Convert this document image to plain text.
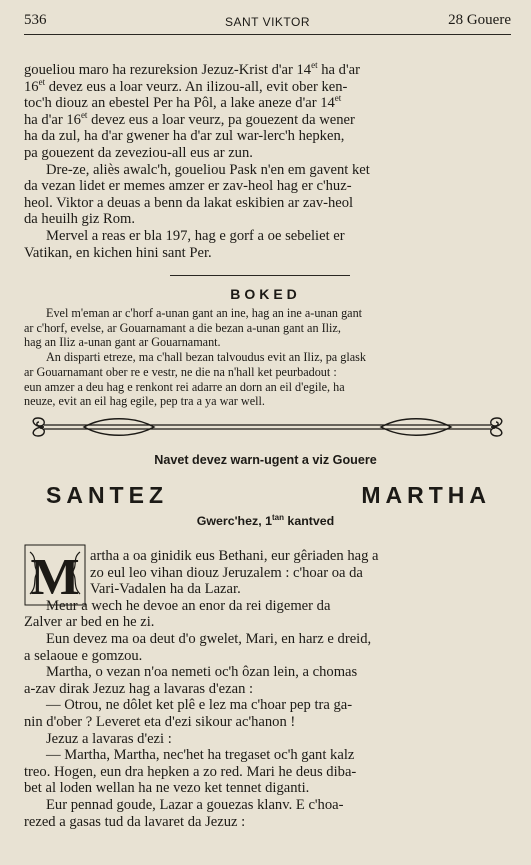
536	SANT VIKTOR	28 Gouere

goueliou maro ha rezureksion Jezuz-Krist d'ar $14^{et}$ ha d'ar
$16^{et}$ devez eus a loar veurz. An ilizou-all, evit ober ken-
toc'h diouz an ebestel Per ha Pôl, a lake aneze d'ar $14^{et}$
ha d'ar $16^{et}$ devez eus a loar veurz, pa gouezent da wener
ha da zul, ha d'ar gwener ha d'ar zul war-lerc'h hepken,
pa gouezent da zeveziou-all eus ar zun.

Dre-ze, aliès awalc'h, goueliou Pask n'en em gavent ket
da vezan lidet er memes amzer er zav-heol hag er c'huz-
heol. Viktor a deuas a benn da lakat eskibien ar zav-heol
da heuilh giz Rom.

Mervel a reas er bla 197, hag e gorf a oe sebeliet er
Vatikan, en kichen hini sant Per.

BOKED

Evel m'eman ar c'horf a-unan gant an ine, hag an ine a-unan gant
ar c'horf, evelse, ar Gouarnamant a die bezan a-unan gant an Iliz,
hag an Iliz a-unan gant ar Gouarnamant.

An disparti etreze, ma c'hall bezan talvoudus evit an Iliz, pa glask
ar Gouarnamant ober re e vestr, ne die na n'hall ket peurbadout :
eun amzer a deu hag e renkont rei adarre an dorn an eil d'egile, ha
neuze, evit an eil hag egile, pep tra a ya war well.

Navet devez warn-ugent a viz Gouere
SANTEZ	MARTHA
Gwerc'hez, $1^{tan}$ kantved
M artha a oa ginidik eus Bethani, eur gêriaden hag a
zo eul leo vihan diouz Jeruzalem : c'hoar oa da
Vari-Vadalen ha da Lazar.

Meur a wech he devoe an enor da rei digemer da
Zalver ar bed en he zi.
Eun devez ma oa deut d'o gwelet, Mari, en harz e dreid,
a selaoue e gomzou.
Martha, o vezan n'oa nemeti oc'h ôzan lein, a chomas
a-zav dirak Jezuz hag a lavaras d'ezan :
— Otrou, ne dôlet ket plê e lez ma c'hoar pep tra ga-
nin d'ober ? Leveret eta d'ezi sikour ac'hanon !
Jezuz a lavaras d'ezi :
— Martha, Martha, nec'het ha tregaset oc'h gant kalz
treo. Hogen, eun dra hepken a zo red. Mari he deus diba-
bet al loden wellan ha ne vezo ket tennet diganti.
Eur pennad goude, Lazar a gouezas klanv. E c'hoa-
rezed a gasas tud da lavaret da Jezuz :
